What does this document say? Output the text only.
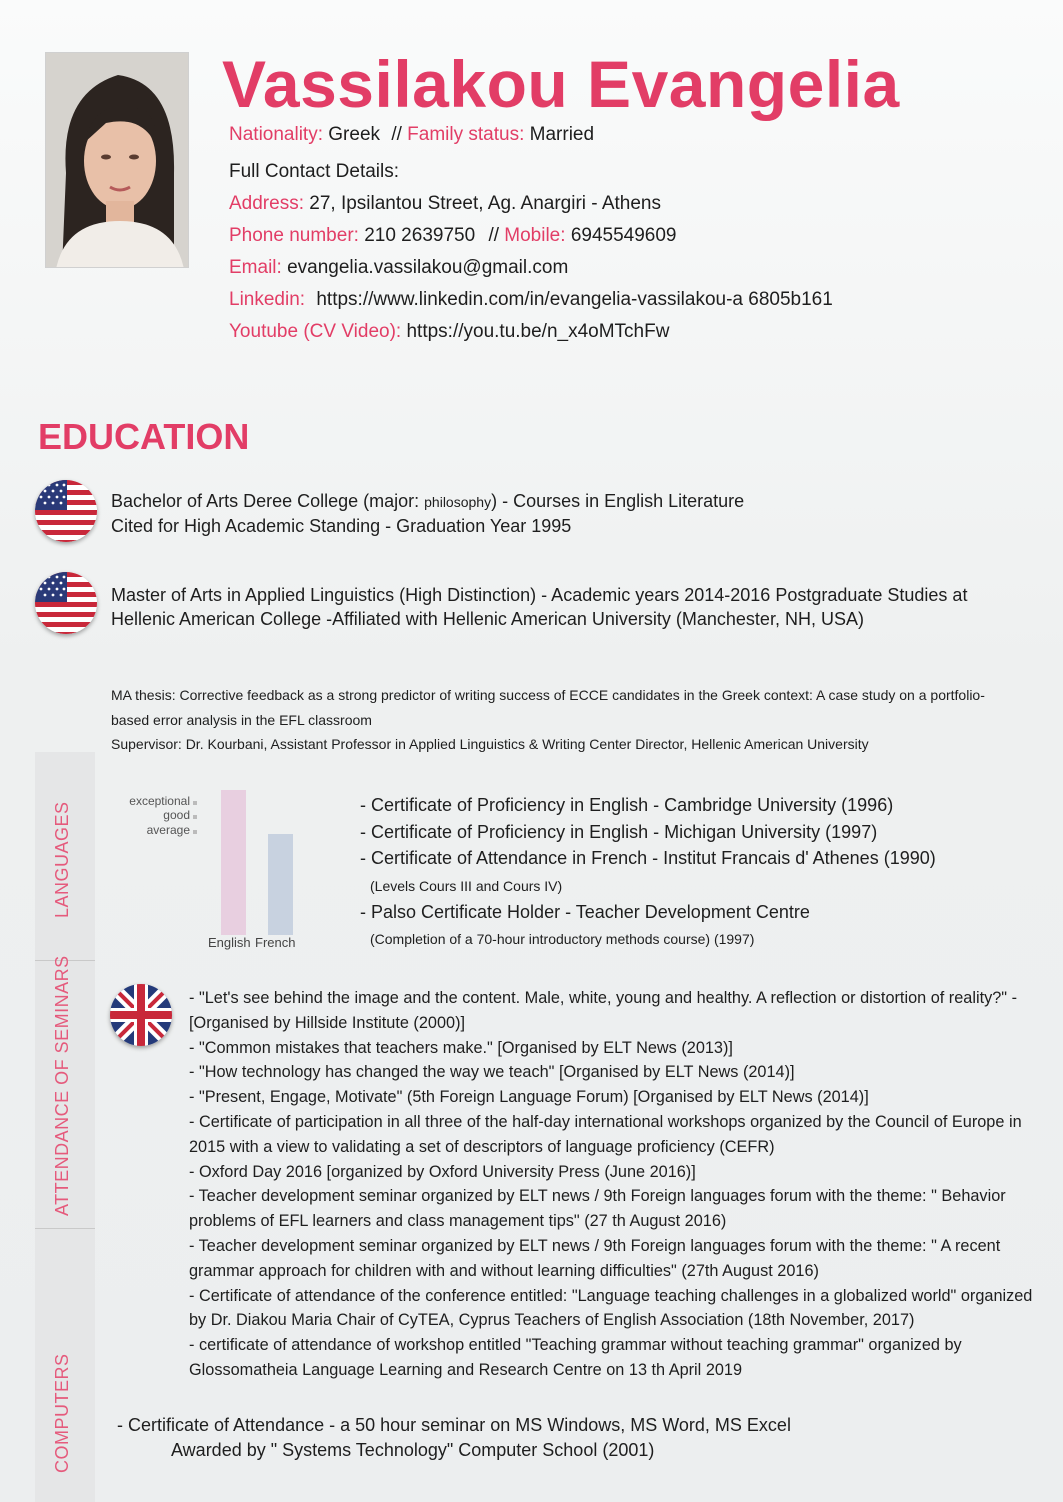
Vassilakou Evangelia
Nationality: Greek // Family status: Married
Full Contact Details:
Address: 27, Ipsilantou Street, Ag. Anargiri - Athens
Phone number: 210 2639750 // Mobile: 6945549609
Email: evangelia.vassilakou@gmail.com
Linkedin: https://www.linkedin.com/in/evangelia-vassilakou-a 6805b161
Youtube (CV Video): https://you.tu.be/n_x4oMTchFw
EDUCATION
Bachelor of Arts Deree College (major: philosophy) - Courses in English Literature
Cited for High Academic Standing - Graduation Year 1995
Master of Arts in Applied Linguistics (High Distinction) - Academic years 2014-2016 Postgraduate Studies at Hellenic American College -Affiliated with Hellenic American University (Manchester, NH, USA)
MA thesis: Corrective feedback as a strong predictor of writing success of ECCE candidates in the Greek context: A case study on a portfolio- based error analysis in the EFL classroom
Supervisor: Dr. Kourbani, Assistant Professor in Applied Linguistics & Writing Center Director, Hellenic American University
LANGUAGES
ATTENDANCE OF SEMINARS
COMPUTERS
average
good
exceptional
English French
- Certificate of Proficiency in English - Cambridge University (1996)
- Certificate of Proficiency in English - Michigan University (1997)
- Certificate of Attendance in French - Institut Francais d' Athenes (1990)
(Levels Cours III and Cours IV)
- Palso Certificate Holder - Teacher Development Centre
(Completion of a 70-hour introductory methods course) (1997)
- "Let's see behind the image and the content. Male, white, young and healthy. A reflection or distortion of reality?" - [Organised by Hillside Institute (2000)]
- "Common mistakes that teachers make." [Organised by ELT News (2013)]
- "How technology has changed the way we teach" [Organised by ELT News (2014)]
- "Present, Engage, Motivate" (5th Foreign Language Forum) [Organised by ELT News (2014)]
- Certificate of participation in all three of the half-day international workshops organized by the Council of Europe in 2015 with a view to validating a set of descriptors of language proficiency (CEFR)
- Oxford Day 2016 [organized by Oxford University Press (June 2016)]
- Teacher development seminar organized by ELT news / 9th Foreign languages forum with the theme: " Behavior problems of EFL learners and class management tips" (27 th August 2016)
- Teacher development seminar organized by ELT news / 9th Foreign languages forum with the theme: " A recent grammar approach for children with and without learning difficulties" (27th August 2016)
- Certificate of attendance of the conference entitled: "Language teaching challenges in a globalized world" organized by Dr. Diakou Maria Chair of CyTEA, Cyprus Teachers of English Association (18th November, 2017)
- certificate of attendance of workshop entitled "Teaching grammar without teaching grammar" organized by Glossomatheia Language Learning and Research Centre on 13 th April 2019
- Certificate of Attendance - a 50 hour seminar on MS Windows, MS Word, MS Excel
Awarded by " Systems Technology" Computer School (2001)
